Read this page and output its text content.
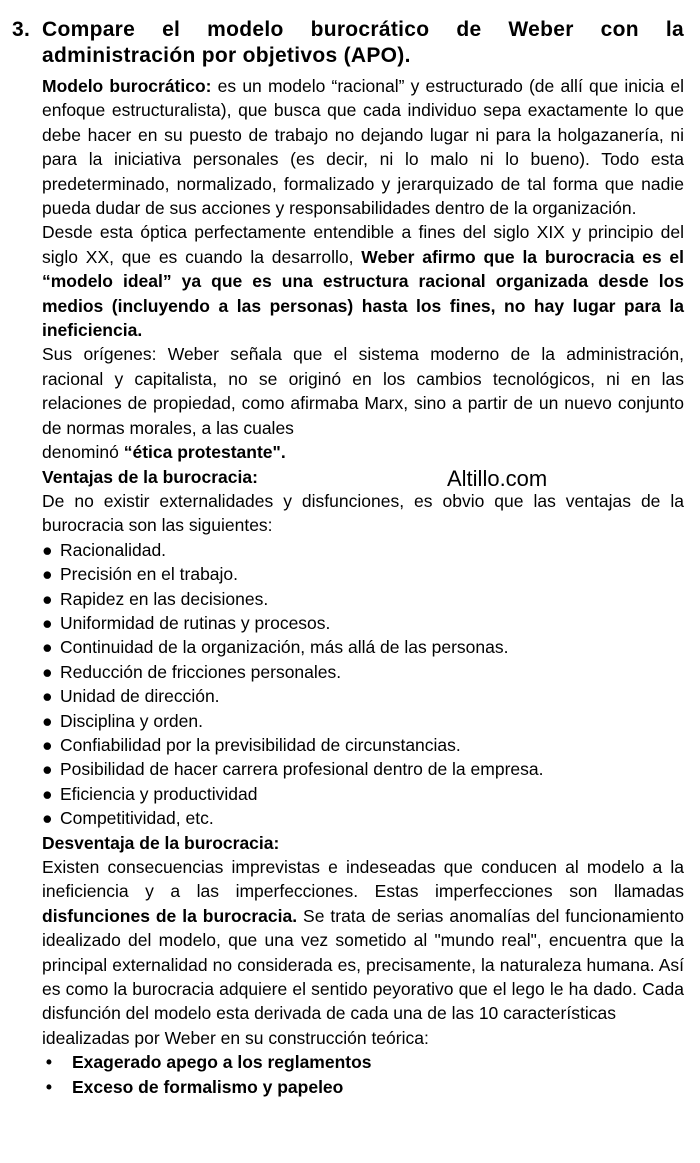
3. Compare el modelo burocrático de Weber con la administración por objetivos (APO).

Modelo burocrático: es un modelo “racional” y estructurado (de allí que inicia el enfoque estructuralista), que busca que cada individuo sepa exactamente lo que debe hacer en su puesto de trabajo no dejando lugar ni para la holgazanería, ni para la iniciativa personales (es decir, ni lo malo ni lo bueno). Todo esta predeterminado, normalizado, formalizado y jerarquizado de tal forma que nadie pueda dudar de sus acciones y responsabilidades dentro de la organización.

Desde esta óptica perfectamente entendible a fines del siglo XIX y principio del siglo XX, que es cuando la desarrollo, Weber afirmo que la burocracia es el “modelo ideal” ya que es una estructura racional organizada desde los medios (incluyendo a las personas) hasta los fines, no hay lugar para la ineficiencia.

Sus orígenes: Weber señala que el sistema moderno de la administración, racional y capitalista, no se originó en los cambios tecnológicos, ni en las relaciones de propiedad, como afirmaba Marx, sino a partir de un nuevo conjunto de normas morales, a las cuales

denominó “ética protestante".

Ventajas de la burocracia:

De no existir externalidades y disfunciones, es obvio que las ventajas de la burocracia son las siguientes:

● Racionalidad.
● Precisión en el trabajo.
● Rapidez en las decisiones.
● Uniformidad de rutinas y procesos.
● Continuidad de la organización, más allá de las personas.
● Reducción de fricciones personales.
● Unidad de dirección.
● Disciplina y orden.
● Confiabilidad por la previsibilidad de circunstancias.
● Posibilidad de hacer carrera profesional dentro de la empresa.
● Eficiencia y productividad
● Competitividad, etc.

Desventaja de la burocracia:

Existen consecuencias imprevistas e indeseadas que conducen al modelo a la ineficiencia y a las imperfecciones. Estas imperfecciones son llamadas disfunciones de la burocracia. Se trata de serias anomalías del funcionamiento idealizado del modelo, que una vez sometido al "mundo real", encuentra que la principal externalidad no considerada es, precisamente, la naturaleza humana. Así es como la burocracia adquiere el sentido peyorativo que el lego le ha dado. Cada disfunción del modelo esta derivada de cada una de las 10 características

idealizadas por Weber en su construcción teórica:

• Exagerado apego a los reglamentos
• Exceso de formalismo y papeleo
Altillo.com
